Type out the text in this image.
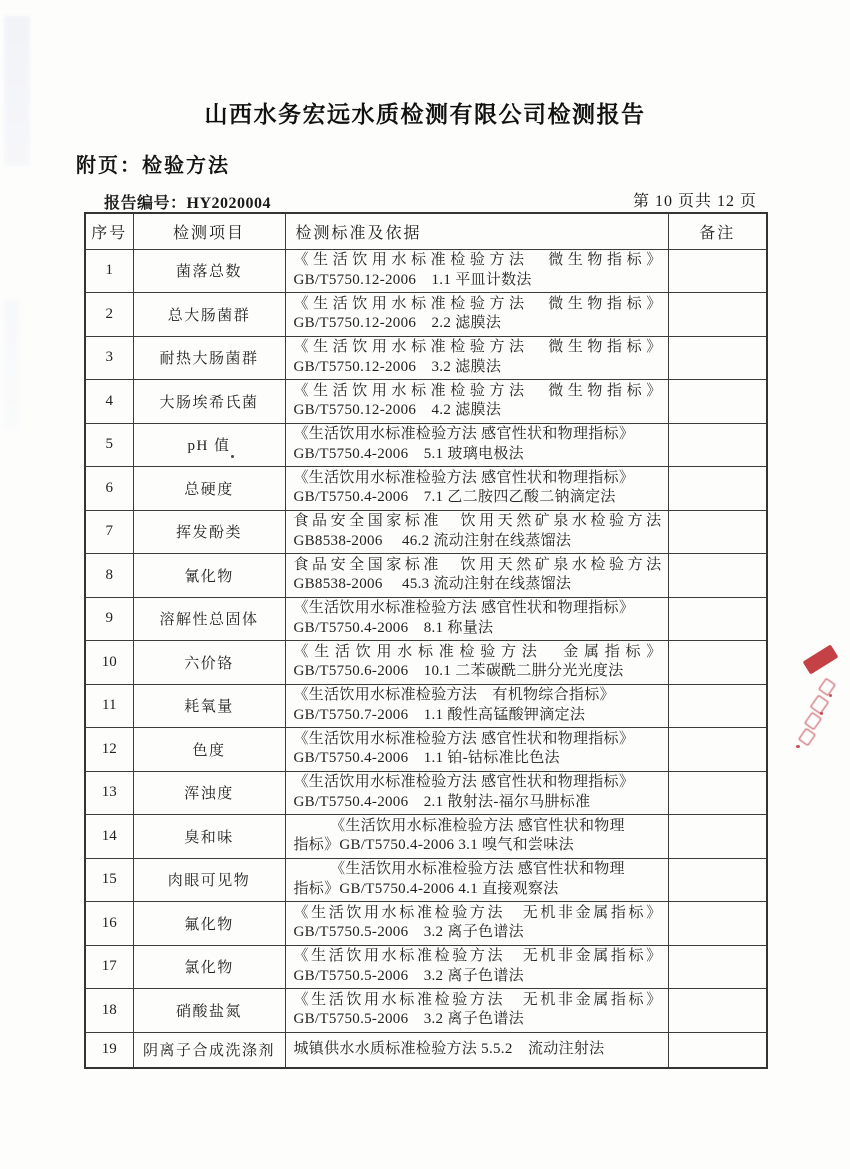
山西水务宏远水质检测有限公司检测报告
附页：检验方法
报告编号：HY2020004	第 10 页共 12 页
序号	检测项目	检测标准及依据	备注
1	菌落总数	《生活饮用水标准检验方法　微生物指标》
GB/T5750.12-2006　1.1 平皿计数法	

2	总大肠菌群	《生活饮用水标准检验方法　微生物指标》
GB/T5750.12-2006　2.2 滤膜法	

3	耐热大肠菌群	《生活饮用水标准检验方法　微生物指标》
GB/T5750.12-2006　3.2 滤膜法	

4	大肠埃希氏菌	《生活饮用水标准检验方法　微生物指标》
GB/T5750.12-2006　4.2 滤膜法	

5	pH 值	《生活饮用水标准检验方法 感官性状和物理指标》
GB/T5750.4-2006　5.1 玻璃电极法	

6	总硬度	《生活饮用水标准检验方法 感官性状和物理指标》
GB/T5750.4-2006　7.1 乙二胺四乙酸二钠滴定法	

7	挥发酚类	食品安全国家标准　饮用天然矿泉水检验方法
GB8538-2006　 46.2 流动注射在线蒸馏法	

8	氰化物	食品安全国家标准　饮用天然矿泉水检验方法
GB8538-2006　 45.3 流动注射在线蒸馏法	

9	溶解性总固体	《生活饮用水标准检验方法 感官性状和物理指标》
GB/T5750.4-2006　8.1 称量法	

10	六价铬	《生活饮用水标准检验方法　金属指标》
GB/T5750.6-2006　10.1 二苯碳酰二肼分光光度法	

11	耗氧量	《生活饮用水标准检验方法　有机物综合指标》
GB/T5750.7-2006　1.1 酸性高锰酸钾滴定法	

12	色度	《生活饮用水标准检验方法 感官性状和物理指标》
GB/T5750.4-2006　1.1 铂-钴标准比色法	

13	浑浊度	《生活饮用水标准检验方法 感官性状和物理指标》
GB/T5750.4-2006　2.1 散射法-福尔马肼标准	

14	臭和味	《生活饮用水标准检验方法 感官性状和物理
指标》GB/T5750.4-2006 3.1 嗅气和尝味法	

15	肉眼可见物	《生活饮用水标准检验方法 感官性状和物理
指标》GB/T5750.4-2006 4.1 直接观察法	

16	氟化物	《生活饮用水标准检验方法　无机非金属指标》
GB/T5750.5-2006　3.2 离子色谱法	

17	氯化物	《生活饮用水标准检验方法　无机非金属指标》
GB/T5750.5-2006　3.2 离子色谱法	

18	硝酸盐氮	《生活饮用水标准检验方法　无机非金属指标》
GB/T5750.5-2006　3.2 离子色谱法	

19	阴离子合成洗涤剂	城镇供水水质标准检验方法 5.5.2　流动注射法	
